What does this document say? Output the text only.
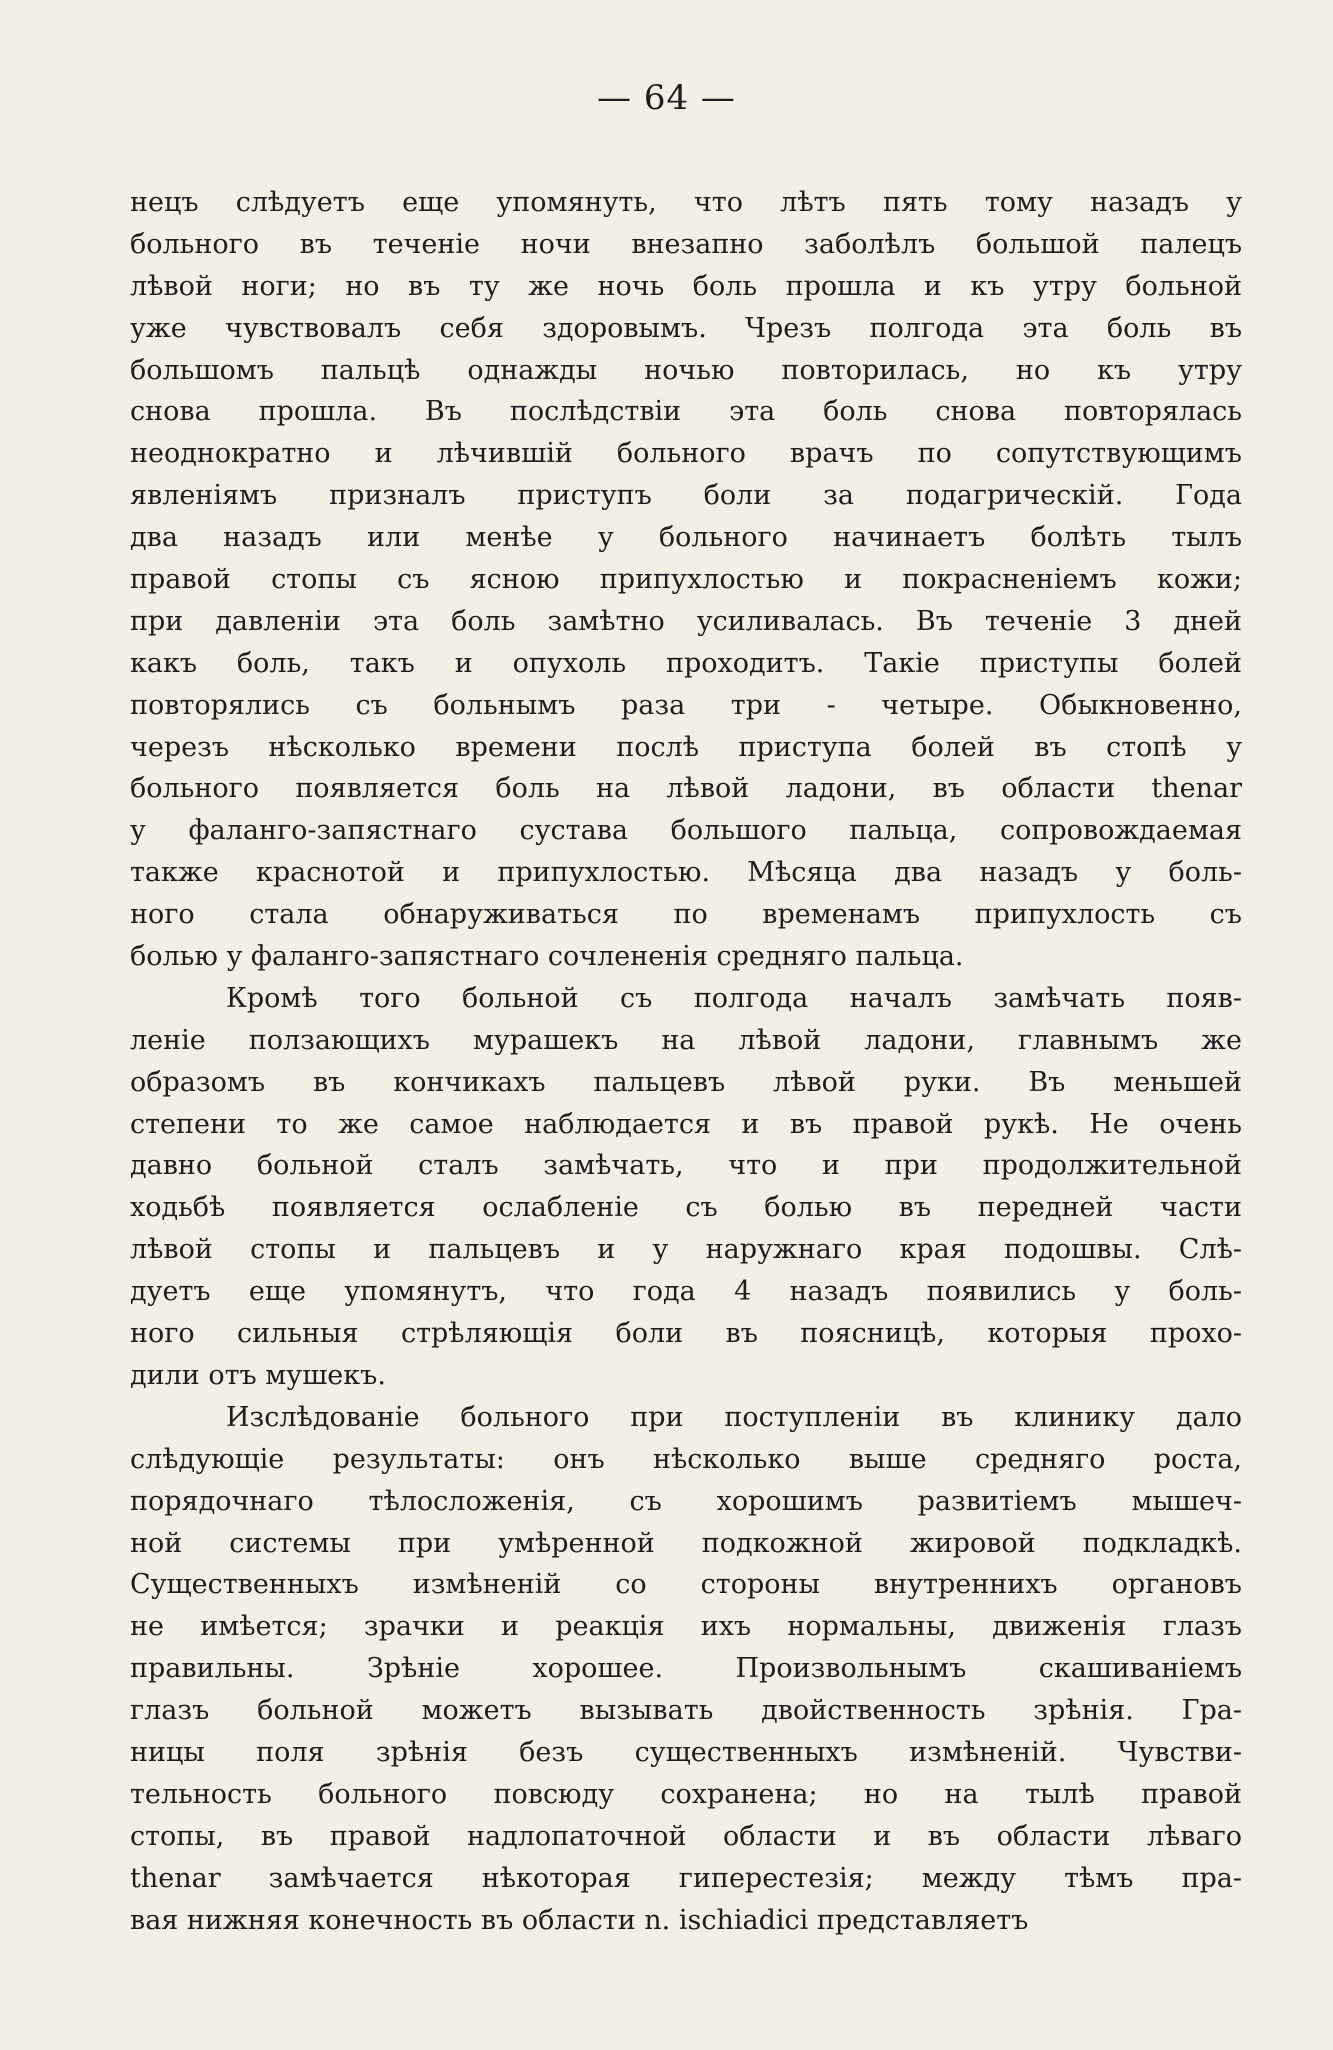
— 64 —
нецъ слѣдуетъ еще упомянуть, что лѣтъ пять тому назадъ у
больного въ теченіе ночи внезапно заболѣлъ большой палецъ
лѣвой ноги; но въ ту же ночь боль прошла и къ утру больной
уже чувствовалъ себя здоровымъ. Чрезъ полгода эта боль въ
большомъ пальцѣ однажды ночью повторилась, но къ утру
снова прошла. Въ послѣдствіи эта боль снова повторялась
неоднократно и лѣчившій больного врачъ по сопутствующимъ
явленіямъ призналъ приступъ боли за подагрическій. Года
два назадъ или менѣе у больного начинаетъ болѣть тылъ
правой стопы съ ясною припухлостью и покрасненіемъ кожи;
при давленіи эта боль замѣтно усиливалась. Въ теченіе 3 дней
какъ боль, такъ и опухоль проходитъ. Такіе приступы болей
повторялись съ больнымъ раза три - четыре. Обыкновенно,
черезъ нѣсколько времени послѣ приступа болей въ стопѣ у
больного появляется боль на лѣвой ладони, въ области thenar
у фаланго-запястнаго сустава большого пальца, сопровождаемая
также краснотой и припухлостью. Мѣсяца два назадъ у боль-
ного стала обнаруживаться по временамъ припухлость съ
болью у фаланго-запястнаго сочлененія средняго пальца.
Кромѣ того больной съ полгода началъ замѣчать появ-
леніе ползающихъ мурашекъ на лѣвой ладони, главнымъ же
образомъ въ кончикахъ пальцевъ лѣвой руки. Въ меньшей
степени то же самое наблюдается и въ правой рукѣ. Не очень
давно больной сталъ замѣчать, что и при продолжительной
ходьбѣ появляется ослабленіе съ болью въ передней части
лѣвой стопы и пальцевъ и у наружнаго края подошвы. Слѣ-
дуетъ еще упомянутъ, что года 4 назадъ появились у боль-
ного сильныя стрѣляющія боли въ поясницѣ, которыя прохо-
дили отъ мушекъ.
Изслѣдованіе больного при поступленіи въ клинику дало
слѣдующіе результаты: онъ нѣсколько выше средняго роста,
порядочнаго тѣлосложенія, съ хорошимъ развитіемъ мышеч-
ной системы при умѣренной подкожной жировой подкладкѣ.
Существенныхъ измѣненій со стороны внутреннихъ органовъ
не имѣется; зрачки и реакція ихъ нормальны, движенія глазъ
правильны. Зрѣніе хорошее. Произвольнымъ скашиваніемъ
глазъ больной можетъ вызывать двойственность зрѣнія. Гра-
ницы поля зрѣнія безъ существенныхъ измѣненій. Чувстви-
тельность больного повсюду сохранена; но на тылѣ правой
стопы, въ правой надлопаточной области и въ области лѣваго
thenar замѣчается нѣкоторая гиперестезія; между тѣмъ пра-
вая нижняя конечность въ области n. ischiadici представляетъ
